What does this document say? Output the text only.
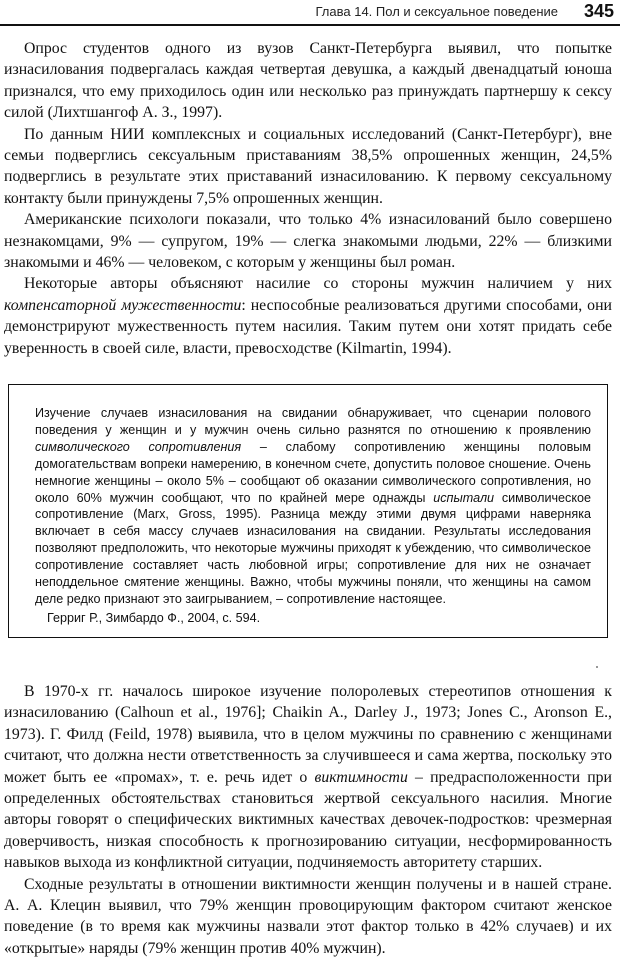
Глава 14. Пол и сексуальное поведение 345

Опрос студентов одного из вузов Санкт-Петербурга выявил, что попытке изнасилования подвергалась каждая четвертая девушка, а каждый двенадцатый юноша признался, что ему приходилось один или несколько раз принуждать партнершу к сексу силой (Лихтшангоф А. З., 1997).

По данным НИИ комплексных и социальных исследований (Санкт-Петербург), вне семьи подверглись сексуальным приставаниям 38,5% опрошенных женщин, 24,5% подверглись в результате этих приставаний изнасилованию. К первому сексуальному контакту были принуждены 7,5% опрошенных женщин.

Американские психологи показали, что только 4% изнасилований было совершено незнакомцами, 9% — супругом, 19% — слегка знакомыми людьми, 22% — близкими знакомыми и 46% — человеком, с которым у женщины был роман.

Некоторые авторы объясняют насилие со стороны мужчин наличием у них компенсаторной мужественности: неспособные реализоваться другими способами, они демонстрируют мужественность путем насилия. Таким путем они хотят придать себе уверенность в своей силе, власти, превосходстве (Kilmartin, 1994).

Изучение случаев изнасилования на свидании обнаруживает, что сценарии полового поведения у женщин и у мужчин очень сильно разнятся по отношению к проявлению символического сопротивления – слабому сопротивлению женщины половым домогательствам вопреки намерению, в конечном счете, допустить половое сношение. Очень немногие женщины – около 5% – сообщают об оказании символического сопротивления, но около 60% мужчин сообщают, что по крайней мере однажды испытали символическое сопротивление (Marx, Gross, 1995). Разница между этими двумя цифрами наверняка включает в себя массу случаев изнасилования на свидании. Результаты исследования позволяют предположить, что некоторые мужчины приходят к убеждению, что символическое сопротивление составляет часть любовной игры; сопротивление для них не означает неподдельное смятение женщины. Важно, чтобы мужчины поняли, что женщины на самом деле редко признают это заигрыванием, – сопротивление настоящее.
Герриг Р., Зимбардо Ф., 2004, с. 594.

В 1970-х гг. началось широкое изучение полоролевых стереотипов отношения к изнасилованию (Calhoun et al., 1976]; Chaikin A., Darley J., 1973; Jones C., Aronson E., 1973). Г. Филд (Feild, 1978) выявила, что в целом мужчины по сравнению с женщинами считают, что должна нести ответственность за случившееся и сама жертва, поскольку это может быть ее «промах», т. е. речь идет о виктимности – предрасположенности при определенных обстоятельствах становиться жертвой сексуального насилия. Многие авторы говорят о специфических виктимных качествах девочек-подростков: чрезмерная доверчивость, низкая способность к прогнозированию ситуации, несформированность навыков выхода из конфликтной ситуации, подчиняемость авторитету старших.

Сходные результаты в отношении виктимности женщин получены и в нашей стране. А. А. Клецин выявил, что 79% женщин провоцирующим фактором считают женское поведение (в то время как мужчины назвали этот фактор только в 42% случаев) и их «открытые» наряды (79% женщин против 40% мужчин).
